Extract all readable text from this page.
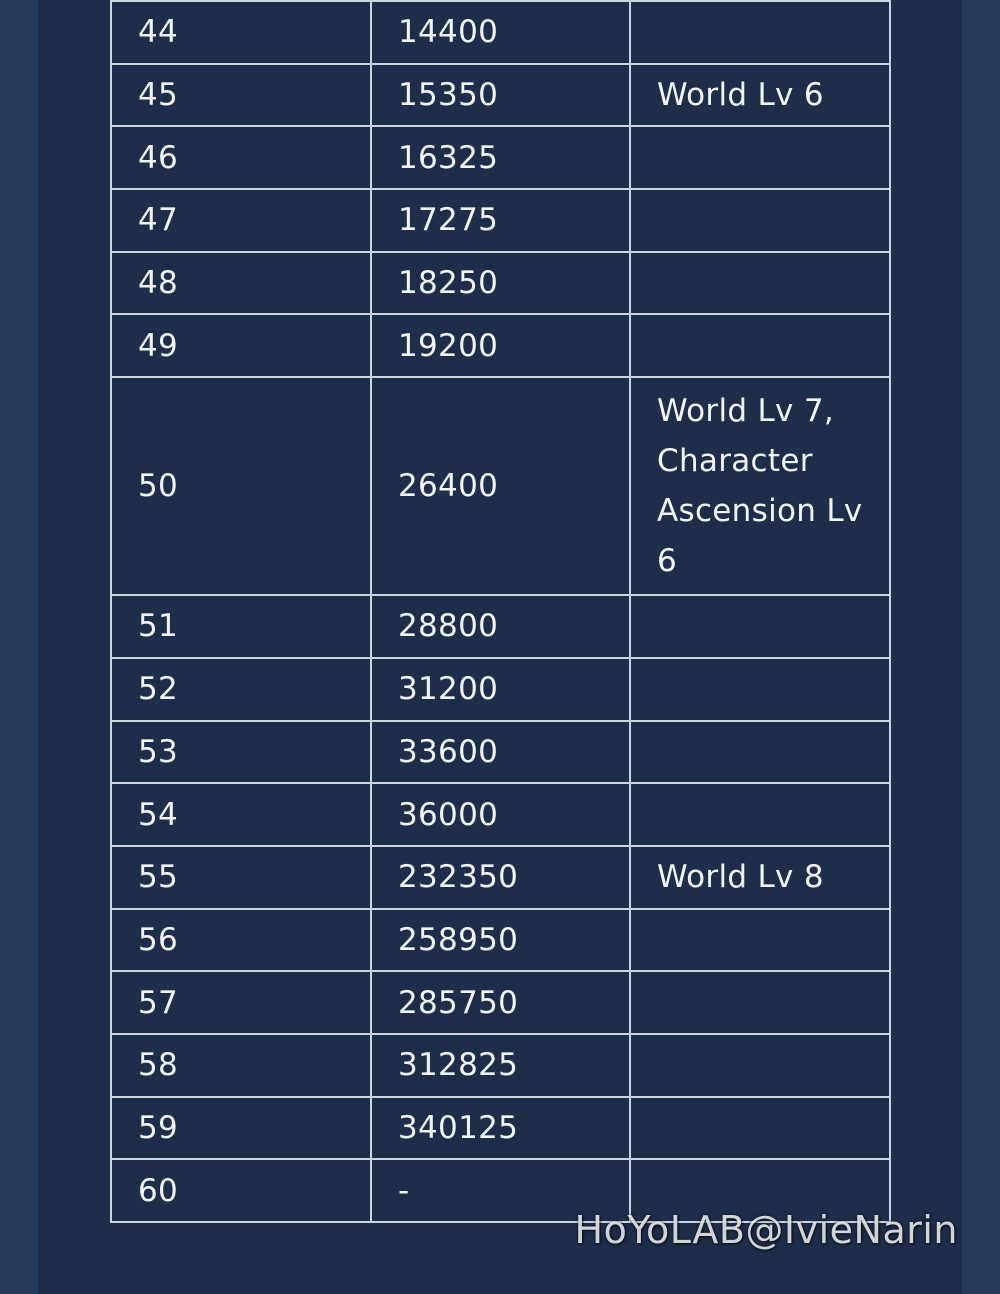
44	14400	
45	15350	World Lv 6
46	16325	
47	17275	
48	18250	
49	19200	
50	26400	World Lv 7, Character Ascension Lv 6
51	28800	
52	31200	
53	33600	
54	36000	
55	232350	World Lv 8
56	258950	
57	285750	
58	312825	
59	340125	
60	-	
HoYoLAB@IvieNarin
